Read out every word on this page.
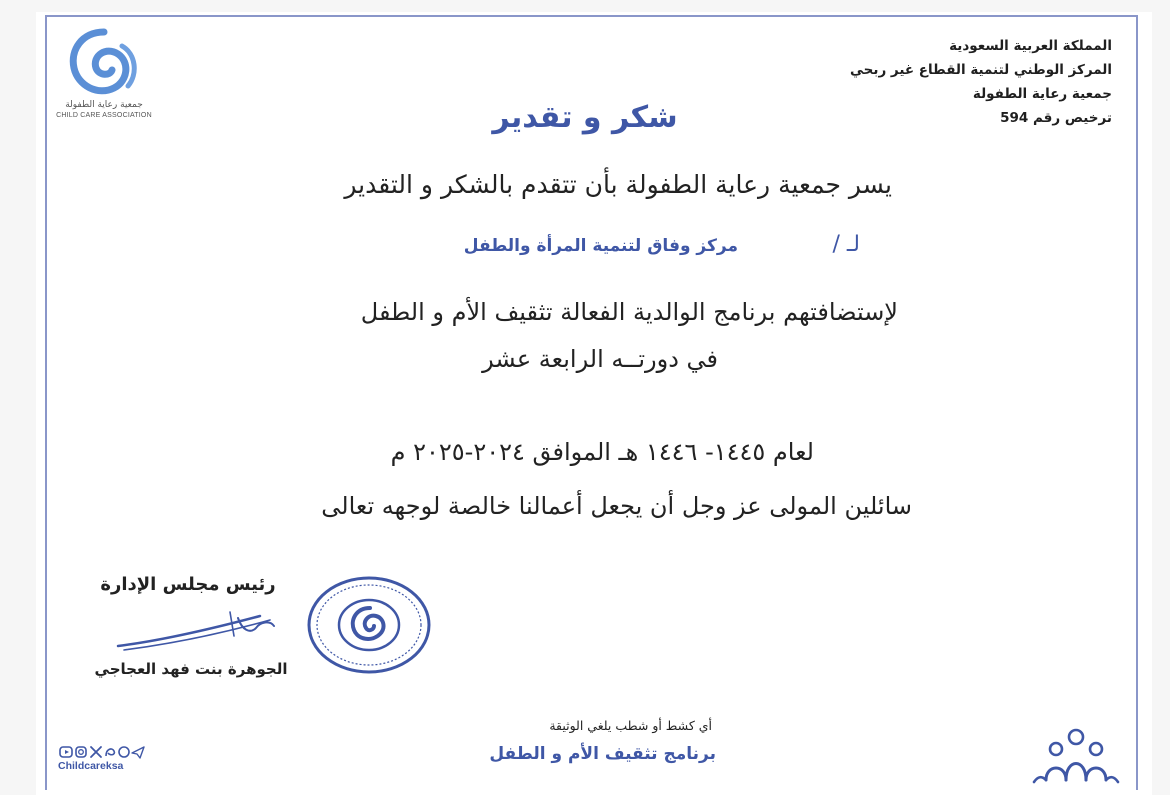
جمعية رعاية الطفولة
CHILD CARE ASSOCIATION
المملكة العربية السعودية
المركز الوطني لتنمية القطاع غير ربحي
جمعية رعاية الطفولة
ترخيص رقم 594
شكر و تقدير
يسر جمعية رعاية الطفولة بأن تتقدم بالشكر و التقدير
لـ /
مركز وفاق لتنمية المرأة والطفل
لإستضافتهم برنامج الوالدية الفعالة تثقيف الأم و الطفل
في دورتــه الرابعة عشر
لعام ١٤٤٥- ١٤٤٦ هـ الموافق ٢٠٢٤-٢٠٢٥ م
سائلين المولى عز وجل أن يجعل أعمالنا خالصة لوجهه تعالى
رئيس مجلس الإدارة
الجوهرة بنت فهد العجاجي
أي كشط أو شطب يلغي الوثيقة
برنامج تثقيف الأم و الطفل
Childcareksa
